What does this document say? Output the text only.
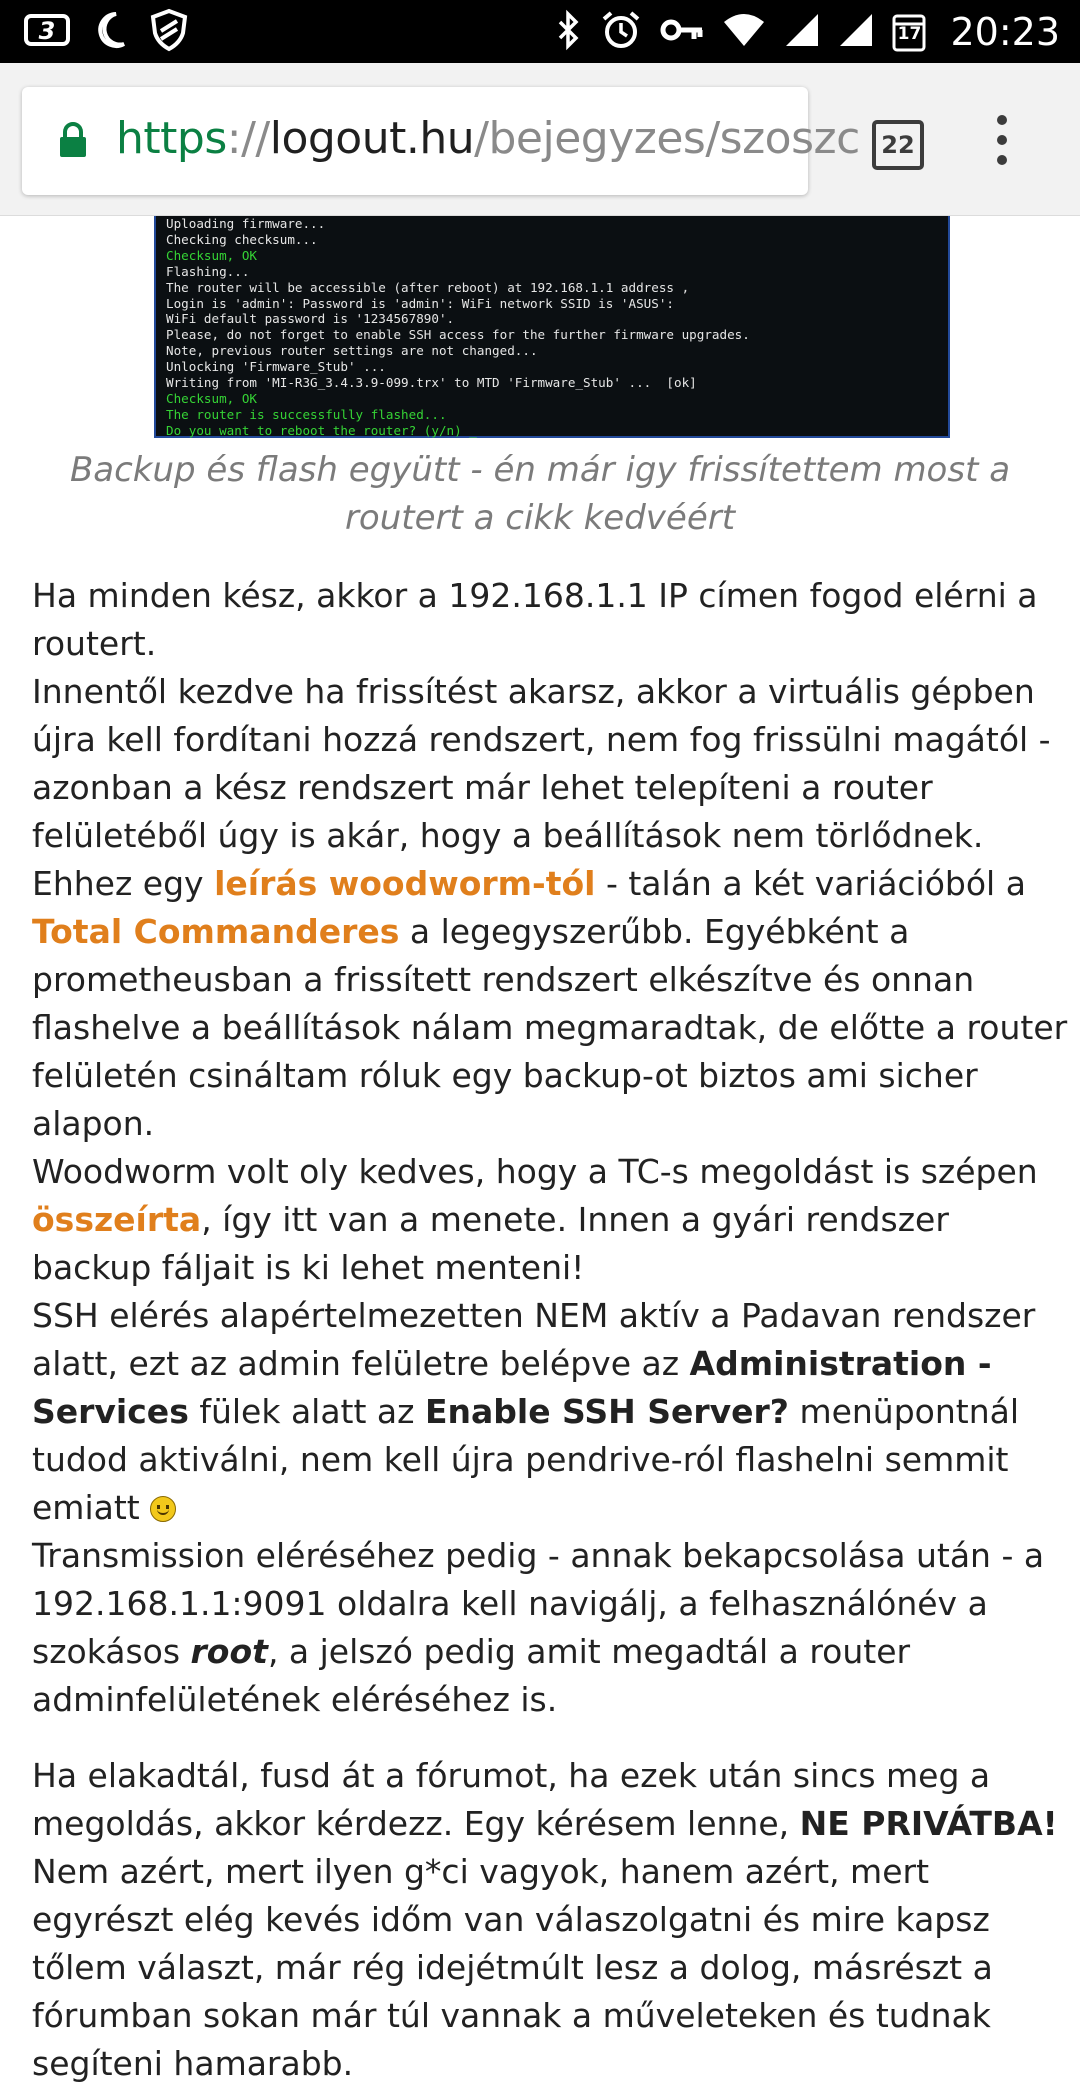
3	17 20:23
https://logout.hu/bejegyzes/szoszc 22
Uploading firmware...
Checking checksum...
Checksum, OK
Flashing...
The router will be accessible (after reboot) at 192.168.1.1 address ,
Login is 'admin': Password is 'admin': WiFi network SSID is 'ASUS':
WiFi default password is '1234567890'.
Please, do not forget to enable SSH access for the further firmware upgrades.
Note, previous router settings are not changed...
Unlocking 'Firmware_Stub' ...
Writing from 'MI-R3G_3.4.3.9-099.trx' to MTD 'Firmware_Stub' ...  [ok]
Checksum, OK
The router is successfully flashed...
Do you want to reboot the router? (y/n) _
Backup és flash együtt - én már igy frissítettem most a routert a cikk kedvéért

Ha minden kész, akkor a 192.168.1.1 IP címen fogod elérni a routert.

Innentől kezdve ha frissítést akarsz, akkor a virtuális gépben újra kell fordítani hozzá rendszert, nem fog frissülni magától - azonban a kész rendszert már lehet telepíteni a router felületéből úgy is akár, hogy a beállítások nem törlődnek. Ehhez egy leírás woodworm-tól - talán a két variációból a Total Commanderes a legegyszerűbb. Egyébként a prometheusban a frissített rendszert elkészítve és onnan flashelve a beállítások nálam megmaradtak, de előtte a router felületén csináltam róluk egy backup-ot biztos ami sicher alapon.

Woodworm volt oly kedves, hogy a TC-s megoldást is szépen összeírta, így itt van a menete. Innen a gyári rendszer backup fáljait is ki lehet menteni!

SSH elérés alapértelmezetten NEM aktív a Padavan rendszer alatt, ezt az admin felületre belépve az Administration - Services fülek alatt az Enable SSH Server? menüpontnál tudod aktiválni, nem kell újra pendrive-ról flashelni semmit emiatt

Transmission eléréséhez pedig - annak bekapcsolása után - a 192.168.1.1:9091 oldalra kell navigálj, a felhasználónév a szokásos root, a jelszó pedig amit megadtál a router adminfelületének eléréséhez is.

Ha elakadtál, fusd át a fórumot, ha ezek után sincs meg a megoldás, akkor kérdezz. Egy kérésem lenne, NE PRIVÁTBA! Nem azért, mert ilyen g*ci vagyok, hanem azért, mert egyrészt elég kevés időm van válaszolgatni és mire kapsz tőlem választ, már rég idejétmúlt lesz a dolog, másrészt a fórumban sokan már túl vannak a műveleteken és tudnak segíteni hamarabb.
